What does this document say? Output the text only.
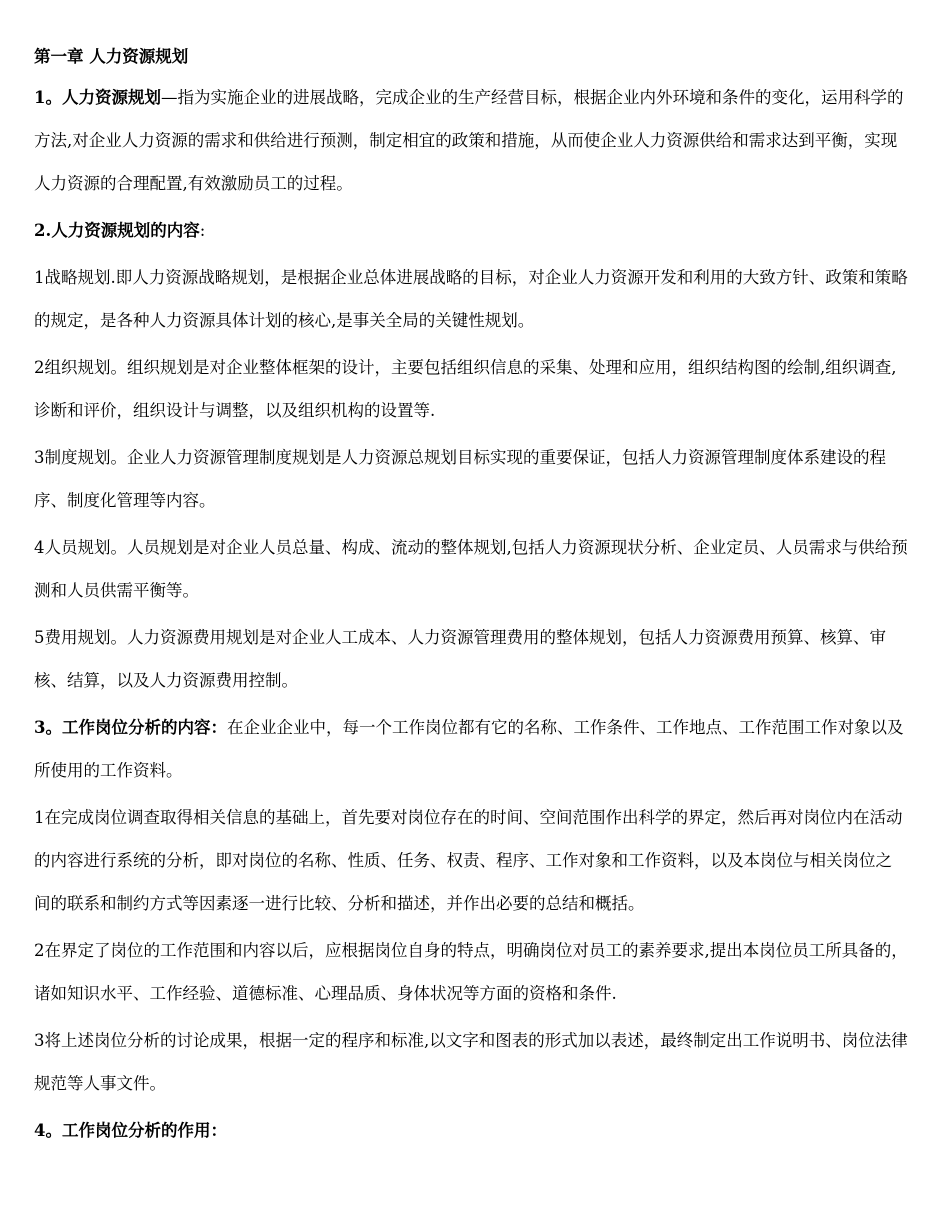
第一章 人力资源规划

1。人力资源规划—指为实施企业的进展战略，完成企业的生产经营目标，根据企业内外环境和条件的变化，运用科学的方法,对企业人力资源的需求和供给进行预测，制定相宜的政策和措施，从而使企业人力资源供给和需求达到平衡，实现人力资源的合理配置,有效激励员工的过程。

2.人力资源规划的内容:

1战略规划.即人力资源战略规划，是根据企业总体进展战略的目标，对企业人力资源开发和利用的大致方针、政策和策略的规定，是各种人力资源具体计划的核心,是事关全局的关键性规划。

2组织规划。组织规划是对企业整体框架的设计，主要包括组织信息的采集、处理和应用，组织结构图的绘制,组织调查,诊断和评价，组织设计与调整，以及组织机构的设置等.

3制度规划。企业人力资源管理制度规划是人力资源总规划目标实现的重要保证，包括人力资源管理制度体系建设的程序、制度化管理等内容。

4人员规划。人员规划是对企业人员总量、构成、流动的整体规划,包括人力资源现状分析、企业定员、人员需求与供给预测和人员供需平衡等。

5费用规划。人力资源费用规划是对企业人工成本、人力资源管理费用的整体规划，包括人力资源费用预算、核算、审核、结算，以及人力资源费用控制。

3。工作岗位分析的内容：在企业企业中，每一个工作岗位都有它的名称、工作条件、工作地点、工作范围工作对象以及所使用的工作资料。

1在完成岗位调查取得相关信息的基础上，首先要对岗位存在的时间、空间范围作出科学的界定，然后再对岗位内在活动的内容进行系统的分析，即对岗位的名称、性质、任务、权责、程序、工作对象和工作资料，以及本岗位与相关岗位之间的联系和制约方式等因素逐一进行比较、分析和描述，并作出必要的总结和概括。

2在界定了岗位的工作范围和内容以后，应根据岗位自身的特点，明确岗位对员工的素养要求,提出本岗位员工所具备的，诸如知识水平、工作经验、道德标准、心理品质、身体状况等方面的资格和条件.

3将上述岗位分析的讨论成果，根据一定的程序和标准,以文字和图表的形式加以表述，最终制定出工作说明书、岗位法律规范等人事文件。

4。工作岗位分析的作用：
